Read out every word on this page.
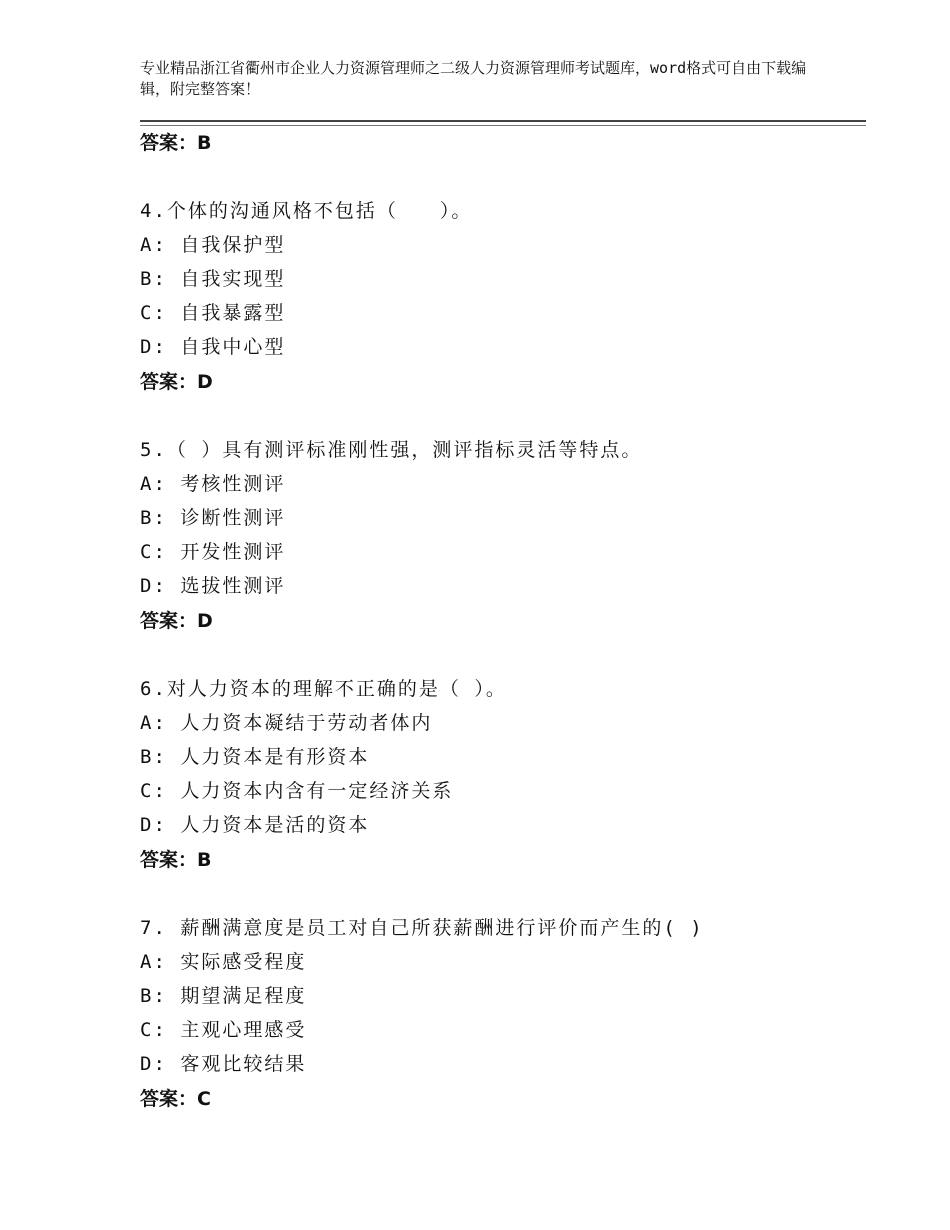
专业精品浙江省衢州市企业人力资源管理师之二级人力资源管理师考试题库，word格式可自由下载编辑，附完整答案！
答案：B
4.个体的沟通风格不包括（　　）。
A: 自我保护型
B: 自我实现型
C: 自我暴露型
D: 自我中心型
答案：D
5.（ ）具有测评标准刚性强，测评指标灵活等特点。
A: 考核性测评
B: 诊断性测评
C: 开发性测评
D: 选拔性测评
答案：D
6.对人力资本的理解不正确的是（ ）。
A: 人力资本凝结于劳动者体内
B: 人力资本是有形资本
C: 人力资本内含有一定经济关系
D: 人力资本是活的资本
答案：B
7. 薪酬满意度是员工对自己所获薪酬进行评价而产生的( )
A: 实际感受程度
B: 期望满足程度
C: 主观心理感受
D: 客观比较结果
答案：C
